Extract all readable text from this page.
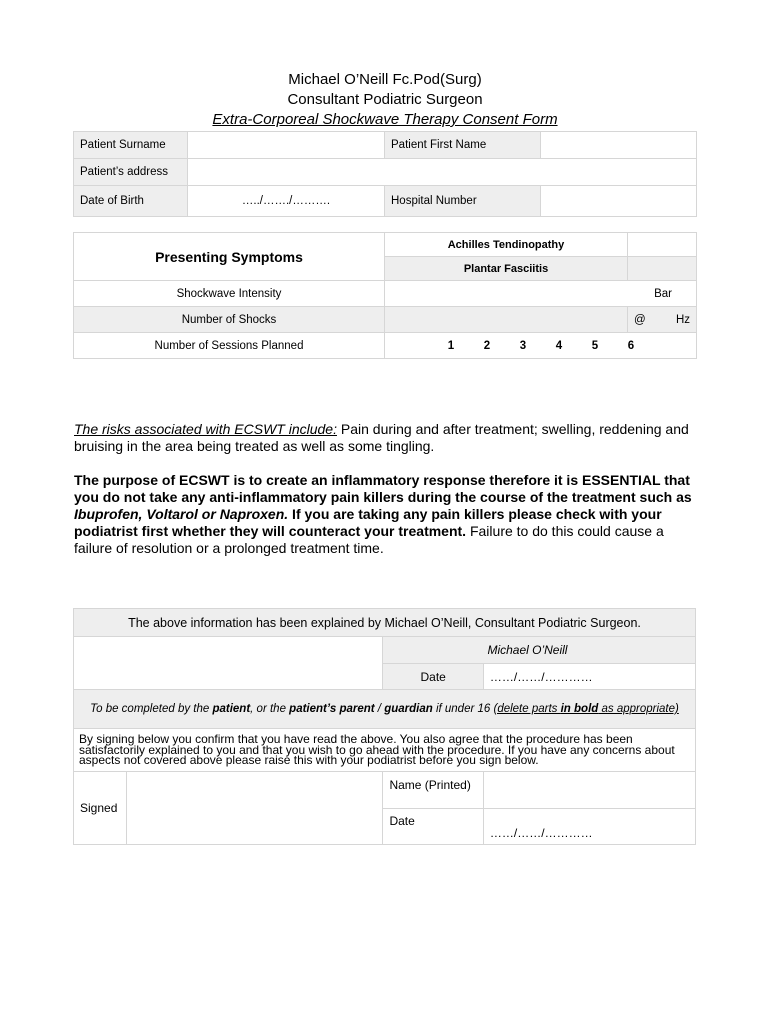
Michael O’Neill Fc.Pod(Surg)
Consultant Podiatric Surgeon
Extra-Corporeal Shockwave Therapy Consent Form
Patient Surname		Patient First Name	
Patient’s address			
Date of Birth	…../……./……….	Hospital Number	
Presenting Symptoms	Achilles Tendinopathy	
	Plantar Fasciitis	
Shockwave Intensity	Bar	
Number of Shocks		@ Hz

Number of Sessions Planned	1 2 3 4 5 6	
The risks associated with ECSWT include: Pain during and after treatment; swelling, reddening and bruising in the area being treated as well as some tingling.
The purpose of ECSWT is to create an inflammatory response therefore it is ESSENTIAL that you do not take any anti-inflammatory pain killers during the course of the treatment such as Ibuprofen, Voltarol or Naproxen. If you are taking any pain killers please check with your podiatrist first whether they will counteract your treatment. Failure to do this could cause a failure of resolution or a prolonged treatment time.
The above information has been explained by Michael O’Neill, Consultant Podiatric Surgeon.			
		Michael O’Neill	
		Date	……/……/…………
To be completed by the patient, or the patient’s parent / guardian if under 16 (delete parts in bold as appropriate)			
By signing below you confirm that you have read the above. You also agree that the procedure has been satisfactorily explained to you and that you wish to go ahead with the procedure. If you have any concerns about aspects not covered above please raise this with your podiatrist before you sign below.			
Signed		Name (Printed)	
		Date	……/……/…………
